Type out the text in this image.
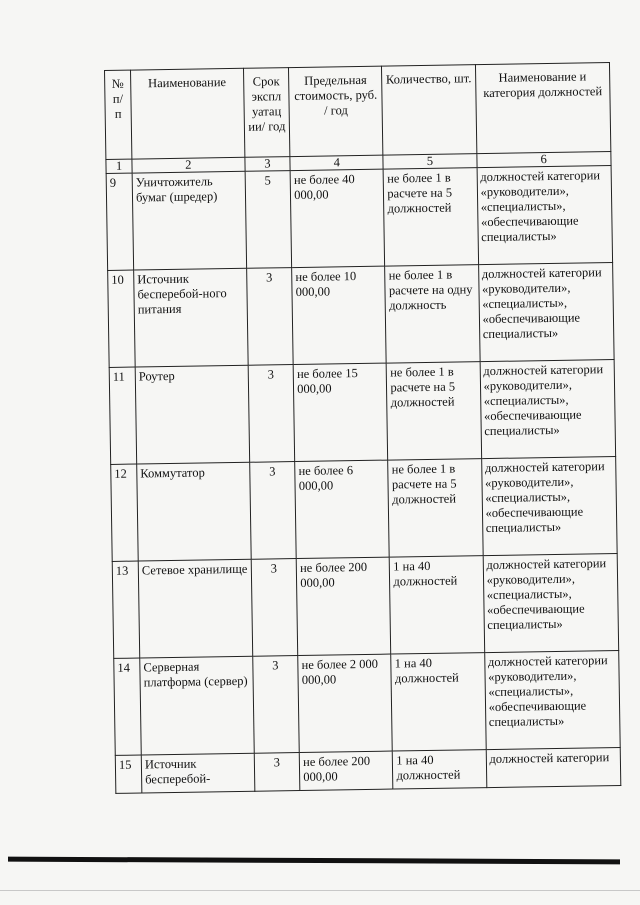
№ п/ п	Наименование	Срок экспл уатац ии/ год	Предельная стоимость, руб. / год	Количество, шт.	Наименование и категория должностей
1	2	3	4	5	6
9	Уничтожитель бумаг (шредер)	5	не более 40 000,00	не более 1 в расчете на 5 должностей	должностей категории «руководители», «специалисты», «обеспечивающие специалисты»
10	Источник бесперебой-ного питания	3	не более 10 000,00	не более 1 в расчете на одну должность	должностей категории «руководители», «специалисты», «обеспечивающие специалисты»
11	Роутер	3	не более 15 000,00	не более 1 в расчете на 5 должностей	должностей категории «руководители», «специалисты», «обеспечивающие специалисты»
12	Коммутатор	3	не более 6 000,00	не более 1 в расчете на 5 должностей	должностей категории «руководители», «специалисты», «обеспечивающие специалисты»
13	Сетевое хранилище	3	не более 200 000,00	1 на 40 должностей	должностей категории «руководители», «специалисты», «обеспечивающие специалисты»
14	Серверная платформа (сервер)	3	не более 2 000 000,00	1 на 40 должностей	должностей категории «руководители», «специалисты», «обеспечивающие специалисты»
15	Источник бесперебой-	3	не более 200 000,00	1 на 40 должностей	должностей категории
